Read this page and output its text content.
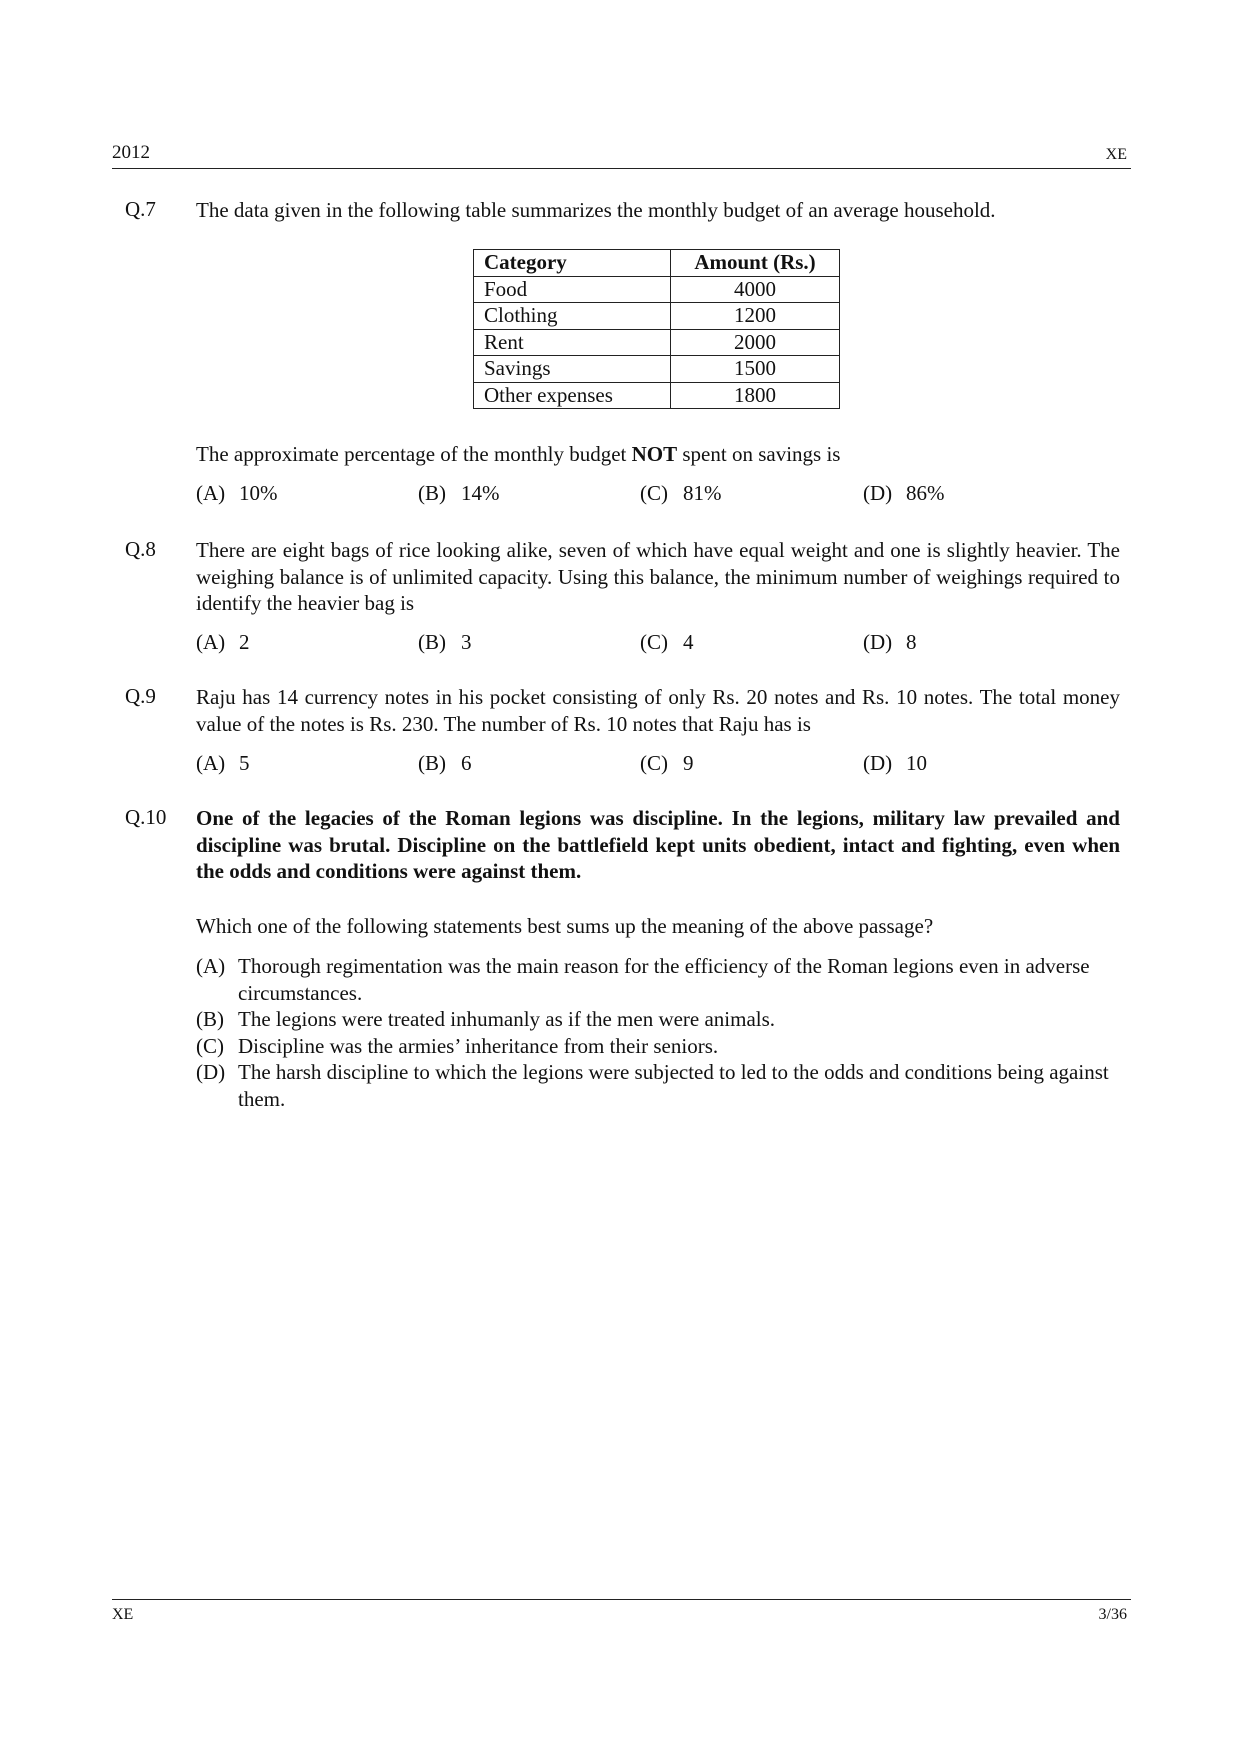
2012	XE
Q.7 The data given in the following table summarizes the monthly budget of an average household.
Category	Amount (Rs.)
Food	4000
Clothing	1200
Rent	2000
Savings	1500
Other expenses	1800
The approximate percentage of the monthly budget NOT spent on savings is
(A) 10%	(B) 14%	(C) 81%	(D) 86%
Q.8 There are eight bags of rice looking alike, seven of which have equal weight and one is slightly heavier. The weighing balance is of unlimited capacity. Using this balance, the minimum number of weighings required to identify the heavier bag is
(A) 2	(B) 3	(C) 4	(D) 8
Q.9 Raju has 14 currency notes in his pocket consisting of only Rs. 20 notes and Rs. 10 notes. The total money value of the notes is Rs. 230. The number of Rs. 10 notes that Raju has is
(A) 5	(B) 6	(C) 9	(D) 10
Q.10 One of the legacies of the Roman legions was discipline. In the legions, military law prevailed and discipline was brutal. Discipline on the battlefield kept units obedient, intact and fighting, even when the odds and conditions were against them.
Which one of the following statements best sums up the meaning of the above passage?
(A) Thorough regimentation was the main reason for the efficiency of the Roman legions even in adverse circumstances.
(B) The legions were treated inhumanly as if the men were animals.
(C) Discipline was the armies’ inheritance from their seniors.
(D) The harsh discipline to which the legions were subjected to led to the odds and conditions being against them.
XE	3/36
